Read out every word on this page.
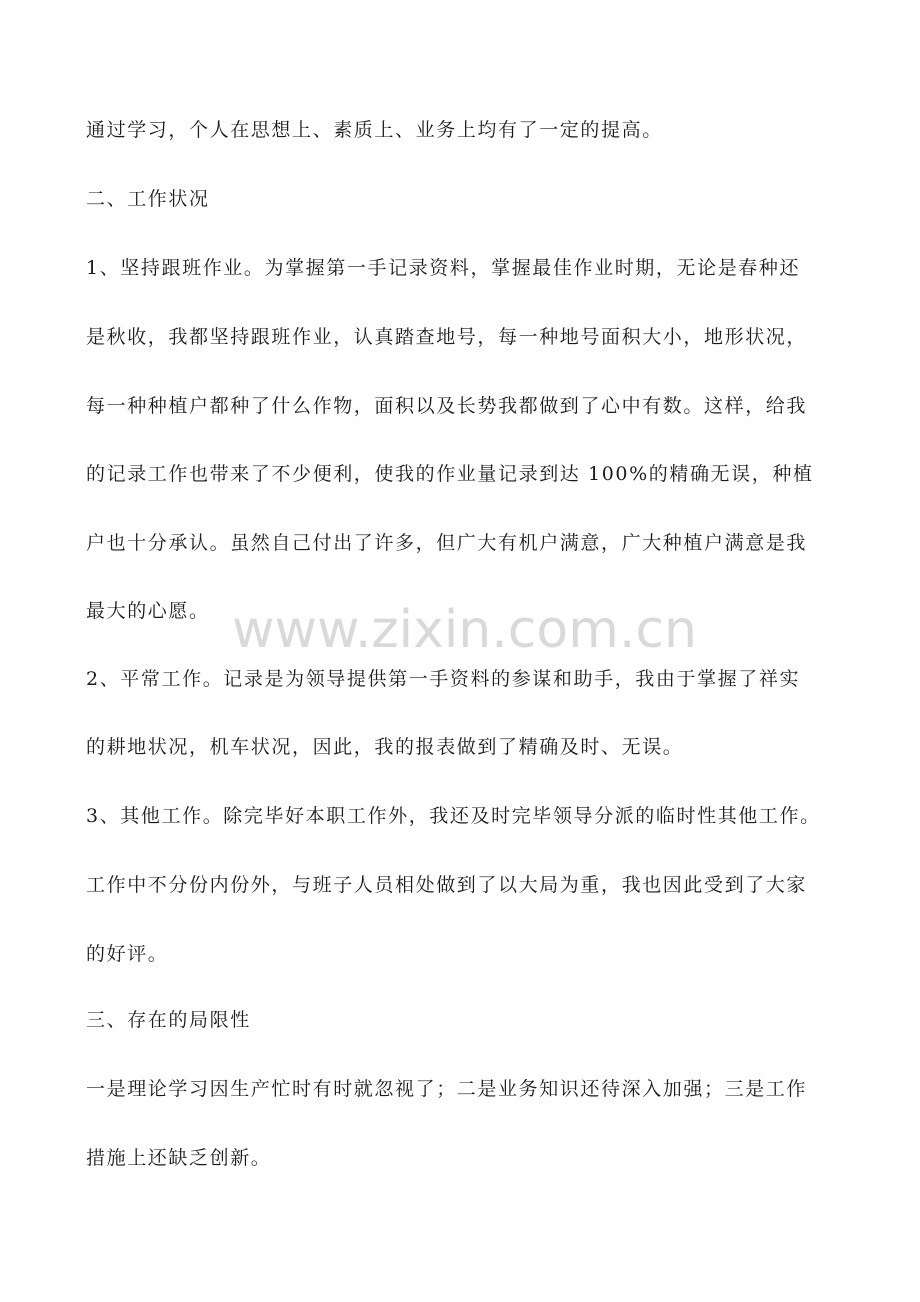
www.zixin.com.cn
通过学习，个人在思想上、素质上、业务上均有了一定的提高。
二、工作状况
1、坚持跟班作业。为掌握第一手记录资料，掌握最佳作业时期，无论是春种还
是秋收，我都坚持跟班作业，认真踏查地号，每一种地号面积大小，地形状况，
每一种种植户都种了什么作物，面积以及长势我都做到了心中有数。这样，给我
的记录工作也带来了不少便利，使我的作业量记录到达 100%的精确无误，种植
户也十分承认。虽然自己付出了许多，但广大有机户满意，广大种植户满意是我
最大的心愿。
2、平常工作。记录是为领导提供第一手资料的参谋和助手，我由于掌握了祥实
的耕地状况，机车状况，因此，我的报表做到了精确及时、无误。
3、其他工作。除完毕好本职工作外，我还及时完毕领导分派的临时性其他工作。
工作中不分份内份外，与班子人员相处做到了以大局为重，我也因此受到了大家
的好评。
三、存在的局限性
一是理论学习因生产忙时有时就忽视了；二是业务知识还待深入加强；三是工作
措施上还缺乏创新。
